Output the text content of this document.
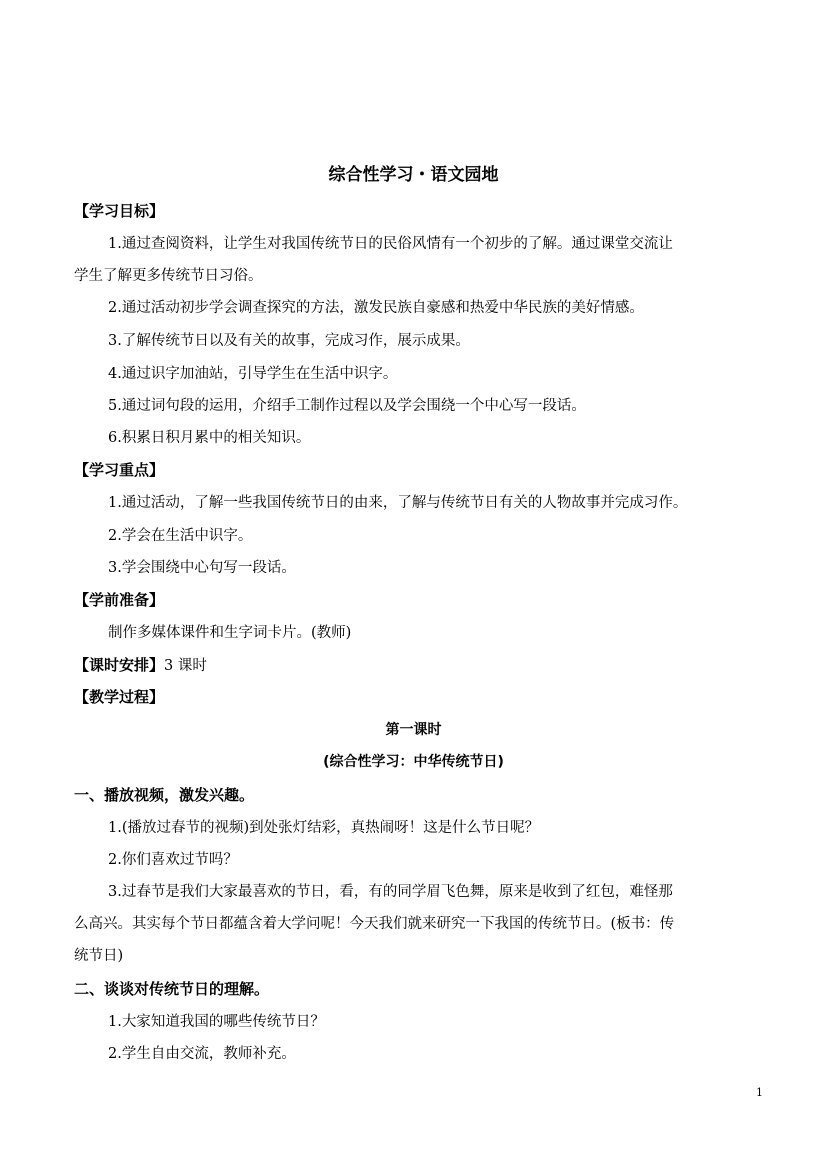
综合性学习・语文园地
【学习目标】
1.通过查阅资料，让学生对我国传统节日的民俗风情有一个初步的了解。通过课堂交流让
学生了解更多传统节日习俗。
2.通过活动初步学会调查探究的方法，激发民族自豪感和热爱中华民族的美好情感。
3.了解传统节日以及有关的故事，完成习作，展示成果。
4.通过识字加油站，引导学生在生活中识字。
5.通过词句段的运用，介绍手工制作过程以及学会围绕一个中心写一段话。
6.积累日积月累中的相关知识。
【学习重点】
1.通过活动，了解一些我国传统节日的由来，了解与传统节日有关的人物故事并完成习作。
2.学会在生活中识字。
3.学会围绕中心句写一段话。
【学前准备】
制作多媒体课件和生字词卡片。(教师)
【课时安排】3 课时
【教学过程】
第一课时
(综合性学习：中华传统节日)
一、播放视频，激发兴趣。
1.(播放过春节的视频)到处张灯结彩，真热闹呀！这是什么节日呢？
2.你们喜欢过节吗？
3.过春节是我们大家最喜欢的节日，看，有的同学眉飞色舞，原来是收到了红包，难怪那
么高兴。其实每个节日都蕴含着大学问呢！今天我们就来研究一下我国的传统节日。(板书：传
统节日)
二、谈谈对传统节日的理解。
1.大家知道我国的哪些传统节日？
2.学生自由交流，教师补充。
1
